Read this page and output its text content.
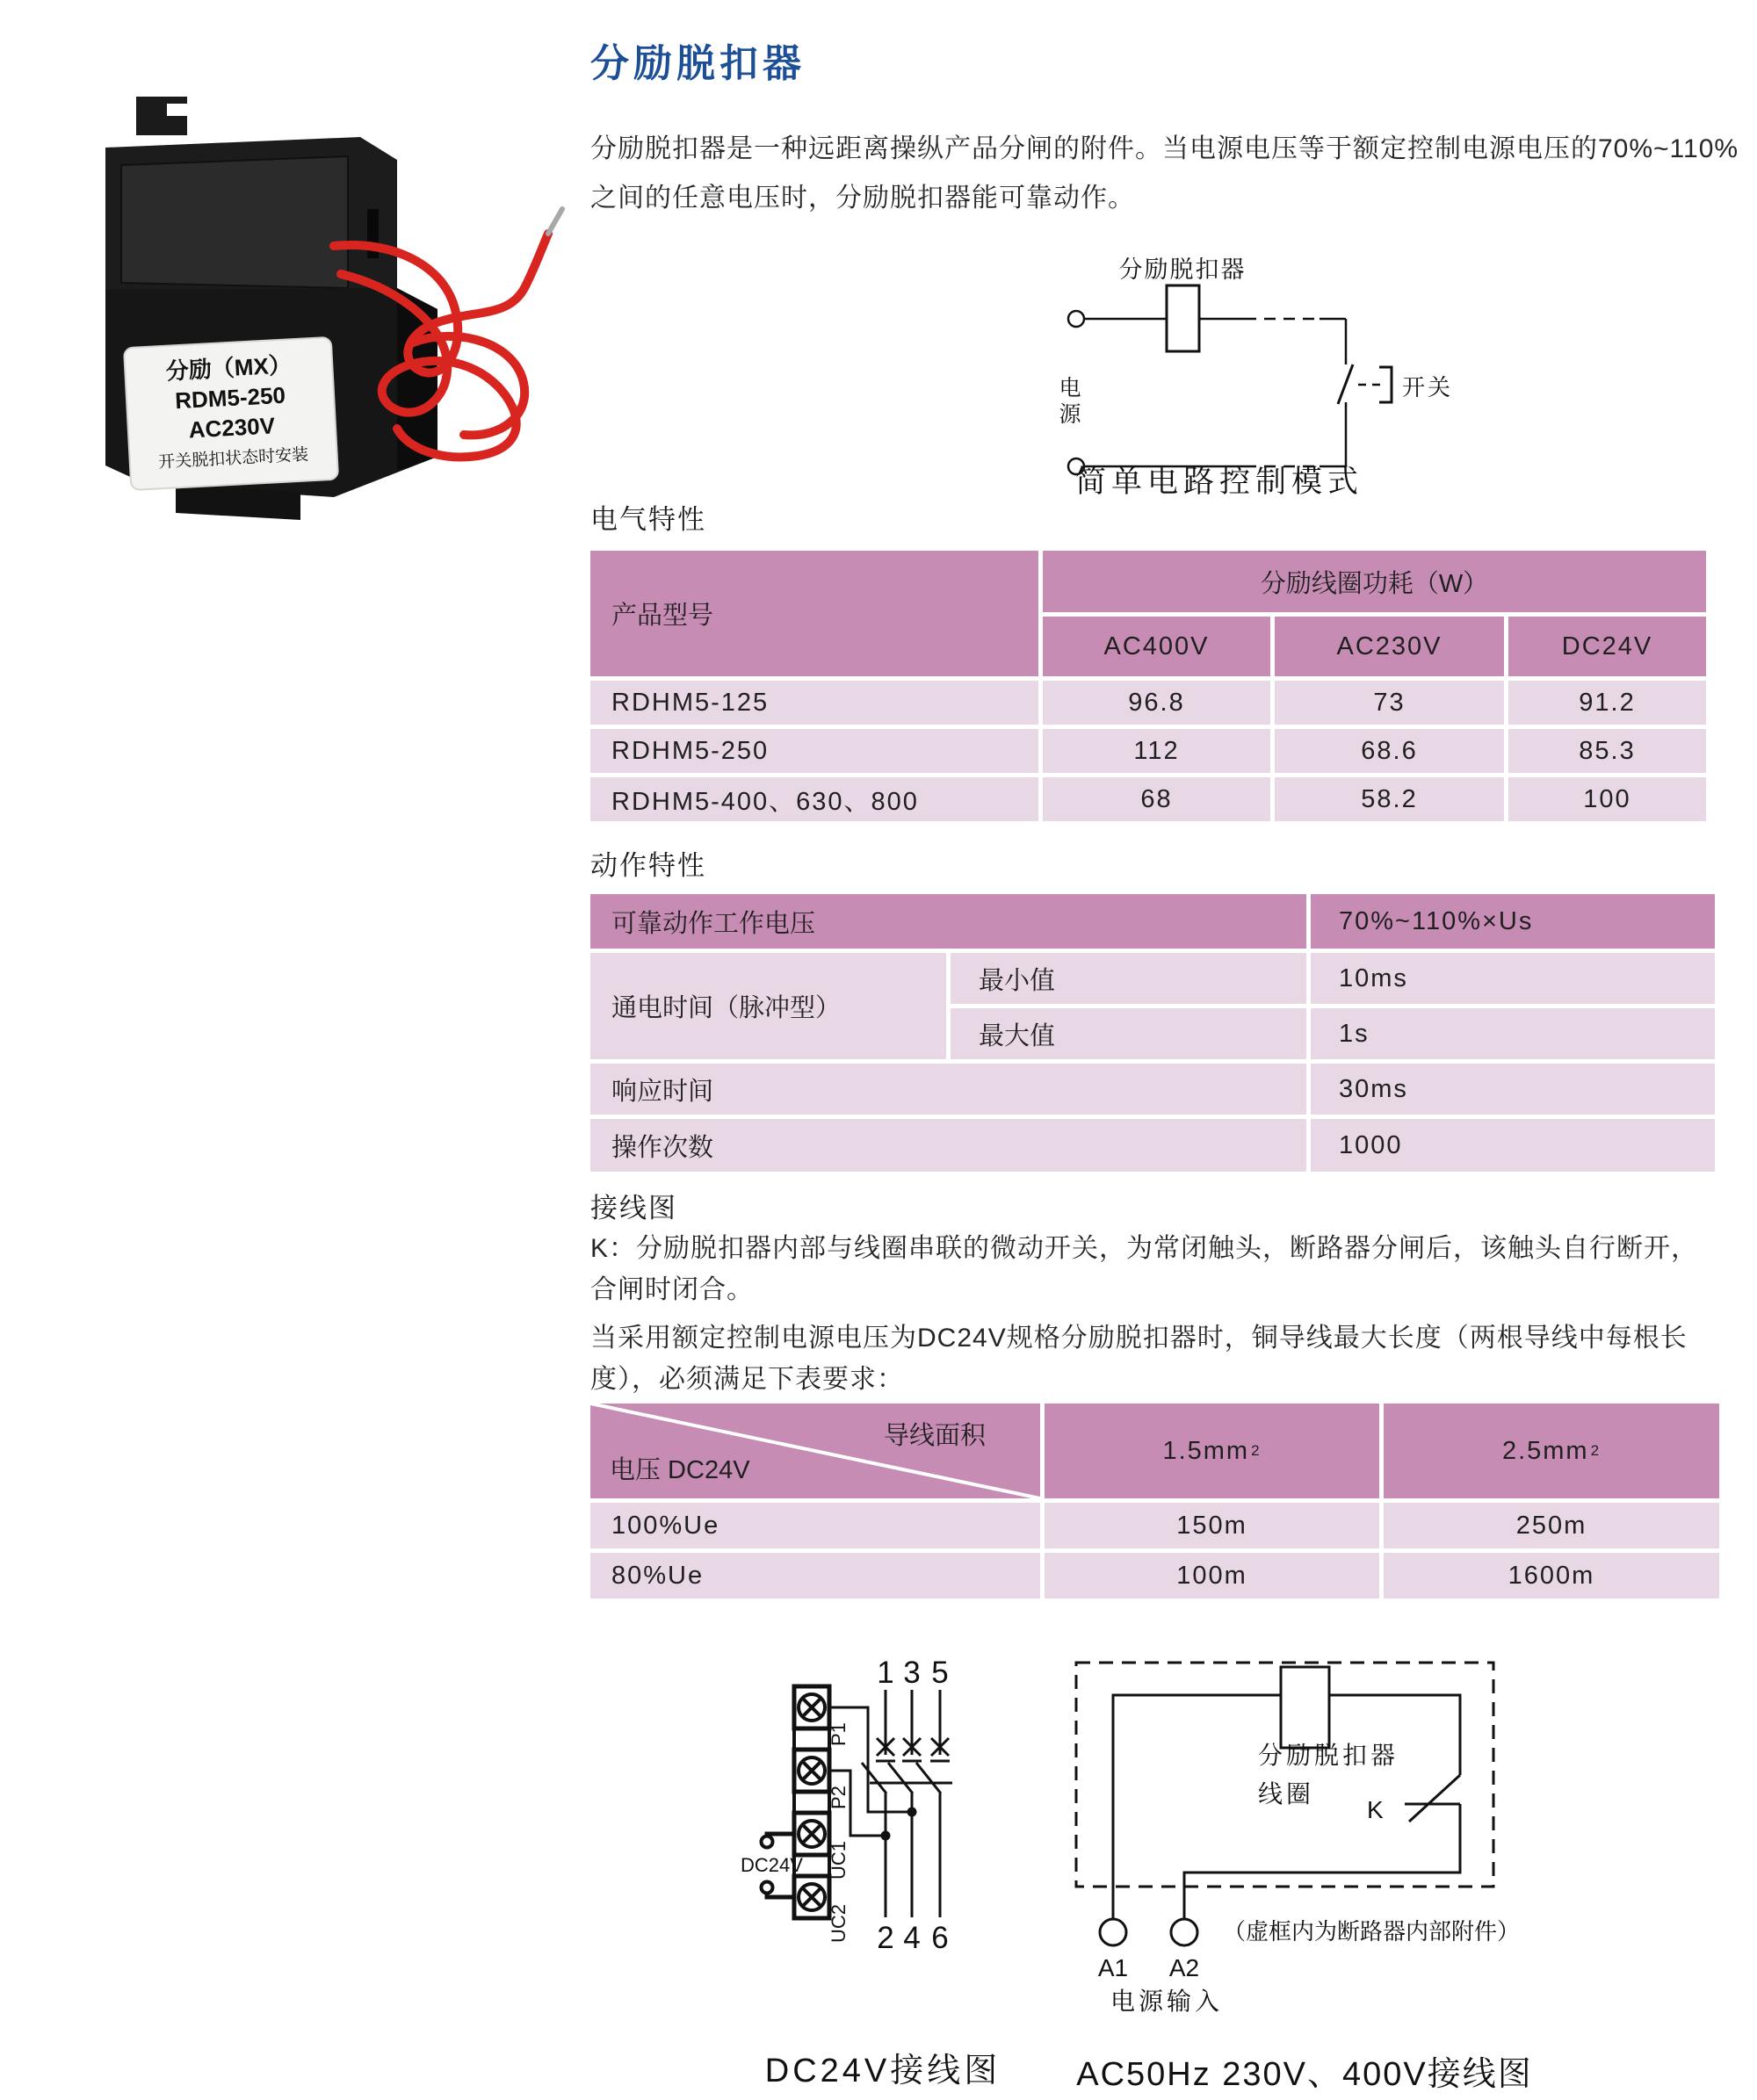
分励（MX）
RDM5-250
AC230V
开关脱扣状态时安装
分励脱扣器
分励脱扣器是一种远距离操纵产品分闸的附件。当电源电压等于额定控制电源电压的70%~110%
之间的任意电压时，分励脱扣器能可靠动作。
分励脱扣器
电
源
开关
简单电路控制模式
电气特性
产品型号
分励线圈功耗（W）
AC400V	AC230V	DC24V
RDHM5-125	96.8	73	91.2
RDHM5-250	112	68.6	85.3
RDHM5-400、630、800	68	58.2	100
动作特性
可靠动作工作电压	70%~110%×Us
通电时间（脉冲型）
最小值	10ms
最大值	1s
响应时间	30ms
操作次数	1000
接线图
K：分励脱扣器内部与线圈串联的微动开关，为常闭触头，断路器分闸后，该触头自行断开，
合闸时闭合。
当采用额定控制电源电压为DC24V规格分励脱扣器时，铜导线最大长度（两根导线中每根长
度），必须满足下表要求：
导线面积
电压 DC24V
1.5mm 2	2.5mm 2
100%Ue	150m	250m
80%Ue	100m	1600m
1 3 5
2 4 6
P1
P2
UC1
UC2
DC24V
分励脱扣器
线圈
K
（虚框内为断路器内部附件）
A1 A2
电源输入
DC24V接线图	AC50Hz 230V、400V接线图
